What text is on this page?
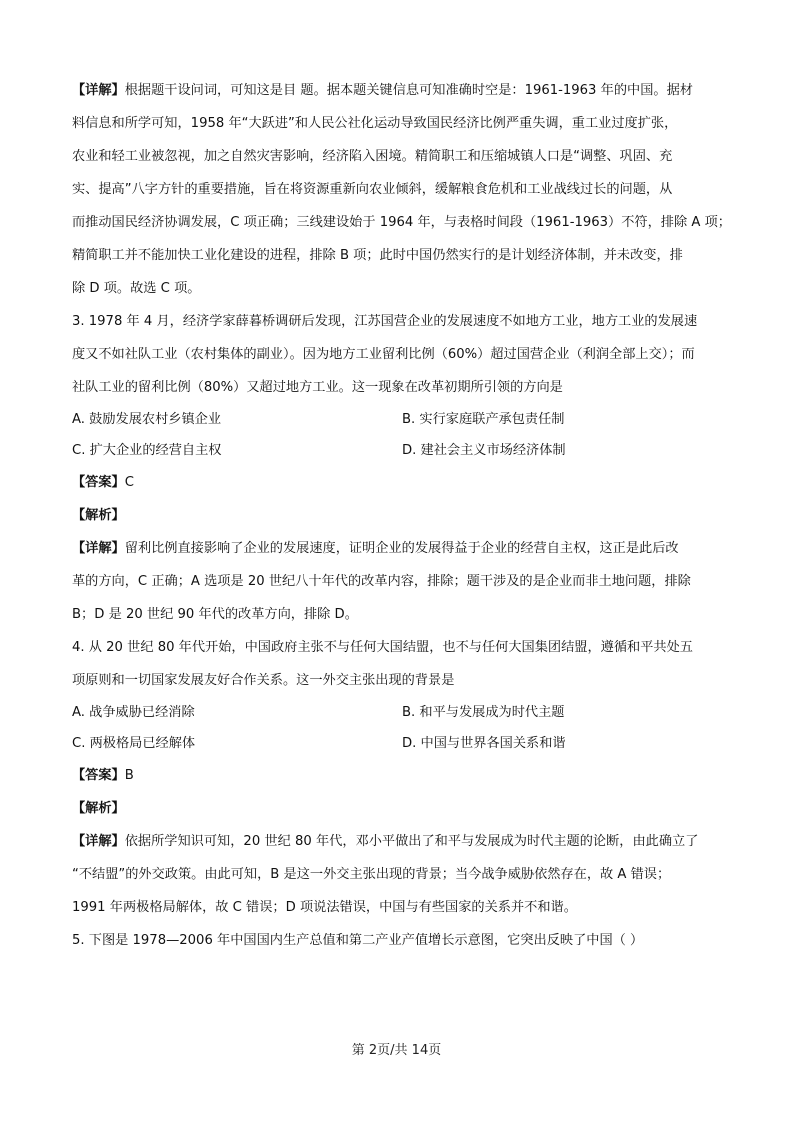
【详解】根据题干设问词，可知这是目 题。据本题关键信息可知准确时空是：1961-1963 年的中国。据材
料信息和所学可知，1958 年“大跃进”和人民公社化运动导致国民经济比例严重失调，重工业过度扩张，
农业和轻工业被忽视，加之自然灾害影响，经济陷入困境。精简职工和压缩城镇人口是“调整、巩固、充
实、提高”八字方针的重要措施，旨在将资源重新向农业倾斜，缓解粮食危机和工业战线过长的问题，从
而推动国民经济协调发展，C 项正确；三线建设始于 1964 年，与表格时间段（1961-1963）不符，排除 A 项；
精简职工并不能加快工业化建设的进程，排除 B 项；此时中国仍然实行的是计划经济体制，并未改变，排
除 D 项。故选 C 项。
3. 1978 年 4 月，经济学家薛暮桥调研后发现，江苏国营企业的发展速度不如地方工业，地方工业的发展速
度又不如社队工业（农村集体的副业）。因为地方工业留利比例（60%）超过国营企业（利润全部上交）；而
社队工业的留利比例（80%）又超过地方工业。这一现象在改革初期所引领的方向是
A. 鼓励发展农村乡镇企业	B. 实行家庭联产承包责任制
C. 扩大企业的经营自主权	D. 建社会主义市场经济体制
【答案】C
【解析】
【详解】留利比例直接影响了企业的发展速度，证明企业的发展得益于企业的经营自主权，这正是此后改
革的方向，C 正确；A 选项是 20 世纪八十年代的改革内容，排除；题干涉及的是企业而非土地问题，排除
B；D 是 20 世纪 90 年代的改革方向，排除 D。
4. 从 20 世纪 80 年代开始，中国政府主张不与任何大国结盟，也不与任何大国集团结盟，遵循和平共处五
项原则和一切国家发展友好合作关系。这一外交主张出现的背景是
A. 战争威胁已经消除	B. 和平与发展成为时代主题
C. 两极格局已经解体	D. 中国与世界各国关系和谐
【答案】B
【解析】
【详解】依据所学知识可知，20 世纪 80 年代，邓小平做出了和平与发展成为时代主题的论断，由此确立了
“不结盟”的外交政策。由此可知，B 是这一外交主张出现的背景；当今战争威胁依然存在，故 A 错误；
1991 年两极格局解体，故 C 错误；D 项说法错误，中国与有些国家的关系并不和谐。
5. 下图是 1978—2006 年中国国内生产总值和第二产业产值增长示意图，它突出反映了中国（ ）
第 2页/共 14页
